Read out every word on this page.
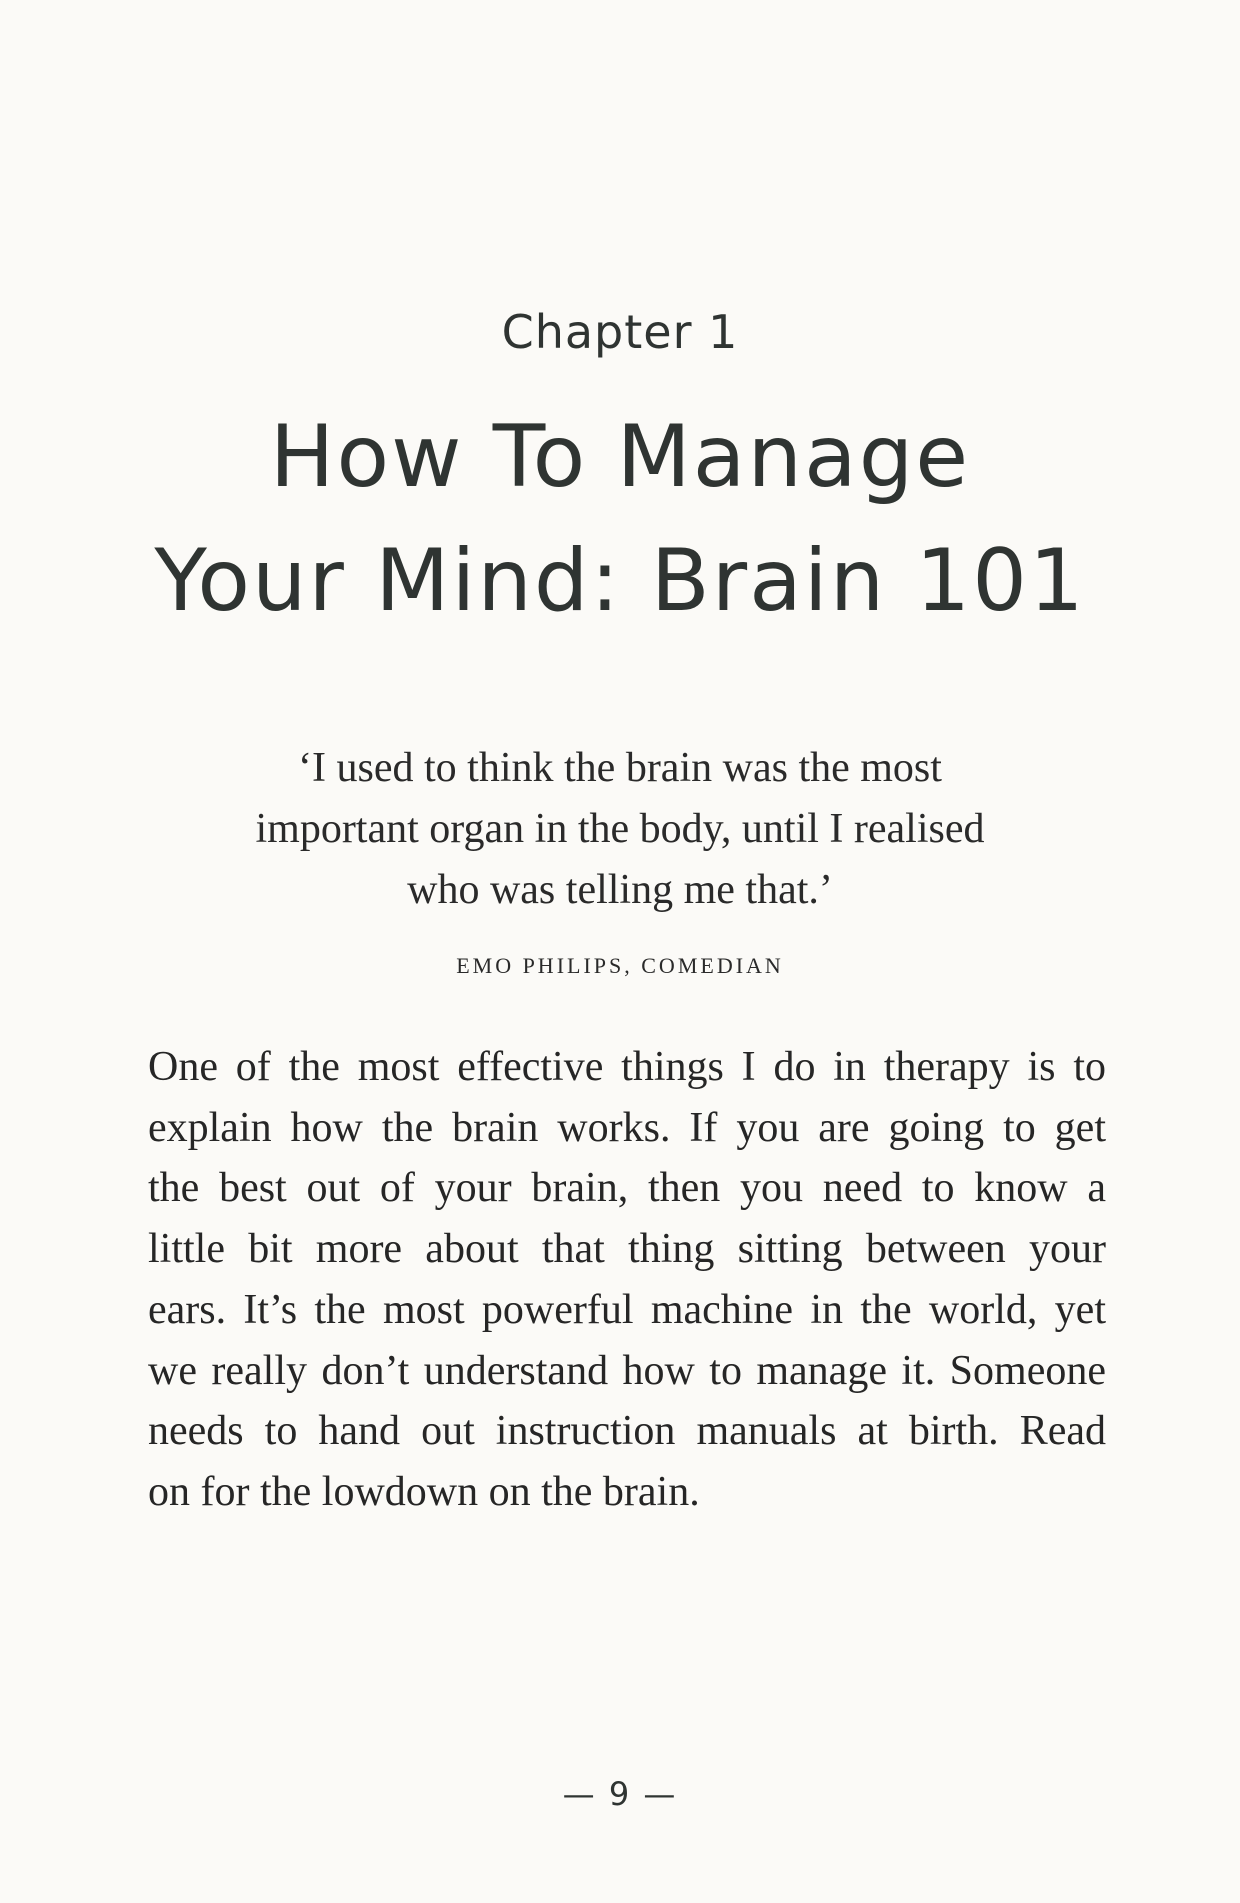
Chapter 1

How To Manage
Your Mind: Brain 101
‘I used to think the brain was the most
important organ in the body, until I realised
who was telling me that.’

EMO PHILIPS, COMEDIAN

One of the most effective things I do in therapy is to
explain how the brain works. If you are going to get
the best out of your brain, then you need to know a
little bit more about that thing sitting between your
ears. It’s the most powerful machine in the world, yet
we really don’t understand how to manage it. Someone
needs to hand out instruction manuals at birth. Read
on for the lowdown on the brain.

— 9 —
